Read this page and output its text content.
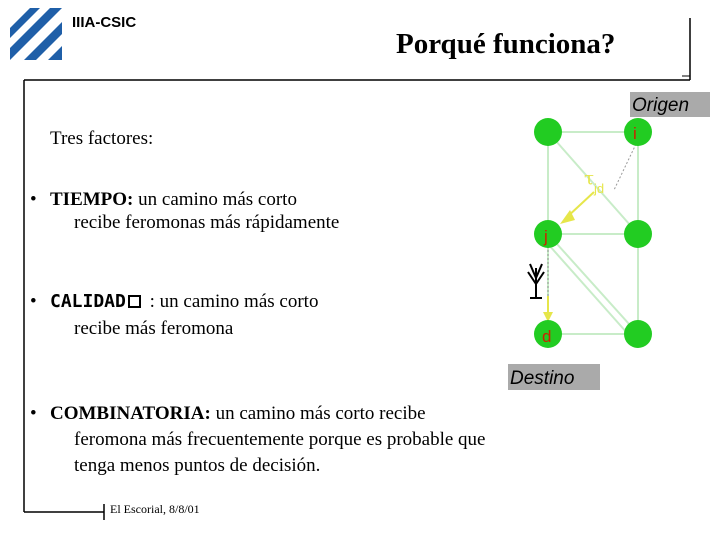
Origen
Destino
i
j
d
τ jd
IIIA-CSIC
Porqué funciona?
Tres factores:
• TIEMPO: un camino más corto
recibe feromonas más rápidamente
• CALIDAD : un camino más corto
recibe más feromona
• COMBINATORIA: un camino más corto recibe
feromona más frecuentemente porque es probable que
tenga menos puntos de decisión.
El Escorial, 8/8/01
